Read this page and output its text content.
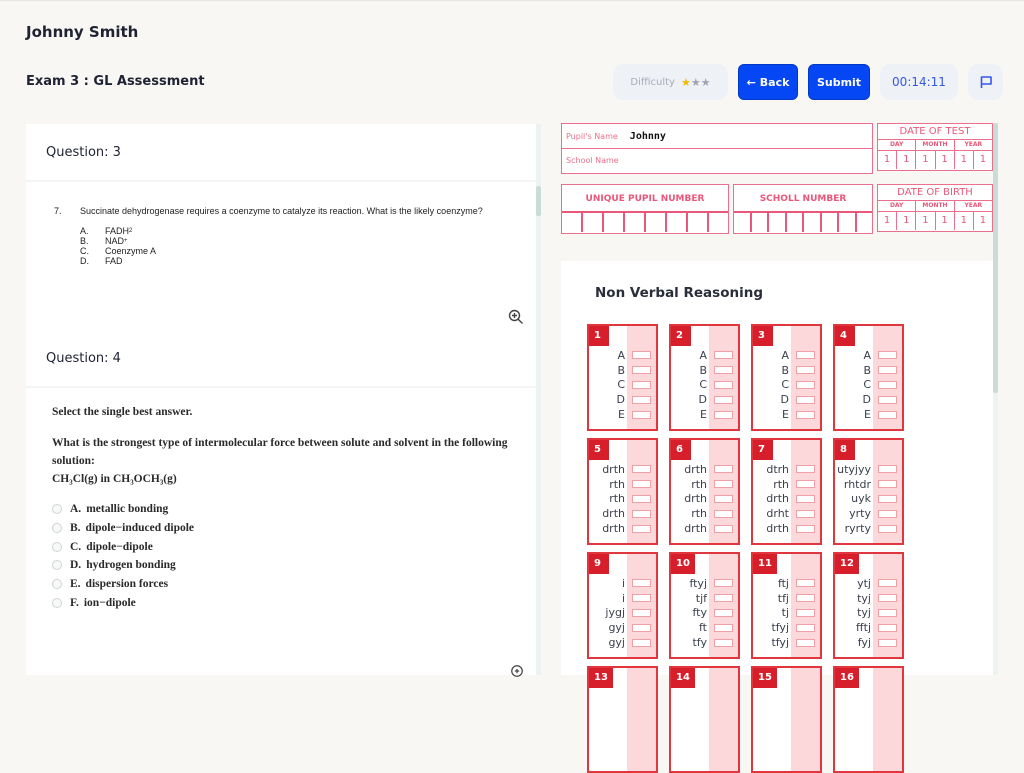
Johnny Smith
Exam 3 : GL Assessment	Difficulty ★★★	← Back	Submit	00:14:11
Question: 3
7. Succinate dehydrogenase requires a coenzyme to catalyze its reaction. What is the likely coenzyme?
A.	FADH 2
B.	NAD +
C.	Coenzyme A
D.	FAD
Question: 4
Select the single best answer.
What is the strongest type of intermolecular force between solute and solvent in the following solution:
CH₃Cl(g) in CH₃OCH₃(g)
A. metallic bonding
B. dipole−induced dipole
C. dipole−dipole
D. hydrogen bonding
E. dispersion forces
F. ion−dipole
Pupil's Name Johnny
School Name
DATE OF TEST
DAY	MONTH	YEAR
1	1	1	1	1	1
DATE OF BIRTH
DAY	MONTH	YEAR
1	1	1	1	1	1
UNIQUE PUPIL NUMBER	SCHOLL NUMBER
Non Verbal Reasoning
1
A
B
C
D
E
2
A
B
C
D
E
3
A
B
C
D
E
4
A
B
C
D
E
5
drth
rth
rth
drth
drth
6
drth
rth
drth
rth
drth
7
dtrh
rth
drth
drht
drth
8
utyjyy
rhtdr
uyk
yrty
ryrty
9
i
i
jygj
gyj
gyj
10
ftyj
tjf
fty
ft
tfy
11
ftj
tfj
tj
tfyj
tfyj
12
ytj
tyj
tyj
fftj
fyj
13	14	15	16
